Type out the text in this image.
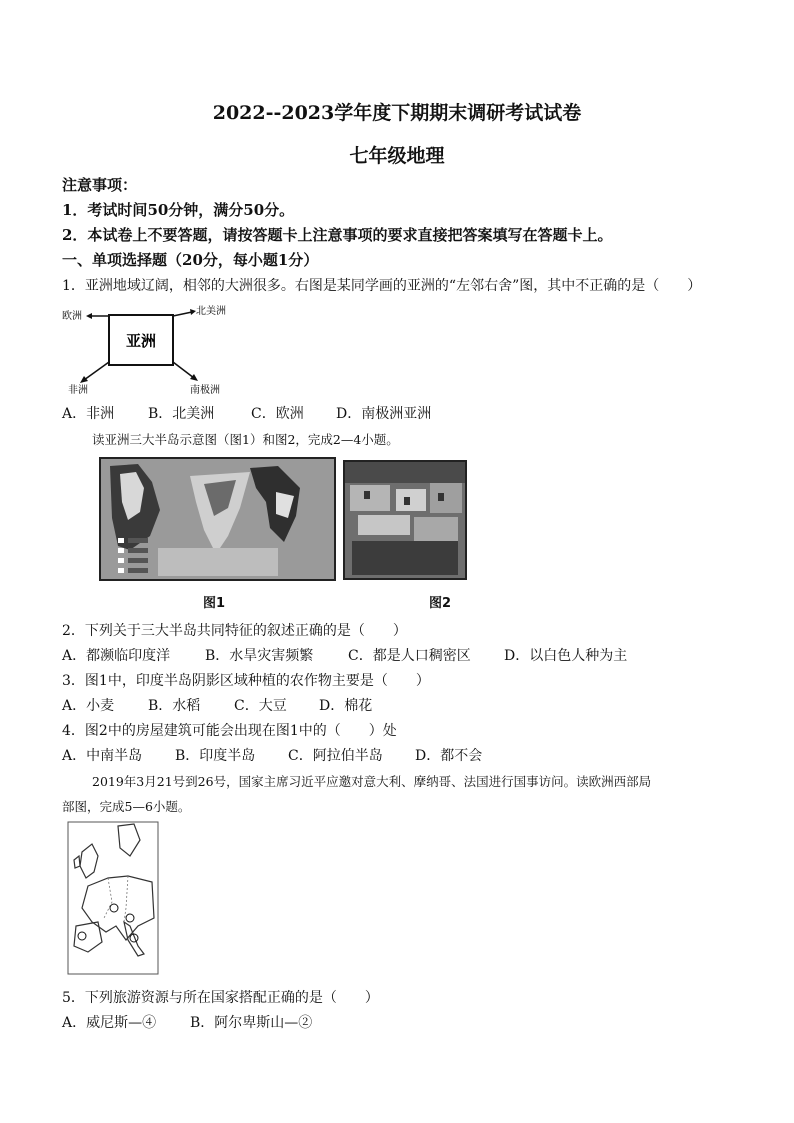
2022--2023学年度下期期末调研考试试卷
七年级地理
注意事项：
1．考试时间50分钟，满分50分。
2．本试卷上不要答题，请按答题卡上注意事项的要求直接把答案填写在答题卡上。
一、单项选择题（20分，每小题1分）
1．亚洲地域辽阔，相邻的大洲很多。右图是某同学画的亚洲的“左邻右舍”图，其中不正确的是（　　）
亚洲
欧洲	北美洲
非洲	南极洲
A．非洲 B．北美洲	C．欧洲 D．南极洲亚洲
读亚洲三大半岛示意图（图1）和图2，完成2—4小题。
图1	图2
2．下列关于三大半岛共同特征的叙述正确的是（　　）
A．都濒临印度洋 B．水旱灾害频繁 C．都是人口稠密区 D．以白色人种为主
3．图1中，印度半岛阴影区域种植的农作物主要是（　　）
A．小麦 B．水稻 C．大豆 D．棉花
4．图2中的房屋建筑可能会出现在图1中的（　　）处
A．中南半岛 B．印度半岛 C．阿拉伯半岛 D．都不会
2019年3月21号到26号，国家主席习近平应邀对意大利、摩纳哥、法国进行国事访问。读欧洲西部局
部图，完成5—6小题。
5．下列旅游资源与所在国家搭配正确的是（　　）
A．威尼斯—④ B．阿尔卑斯山—②
